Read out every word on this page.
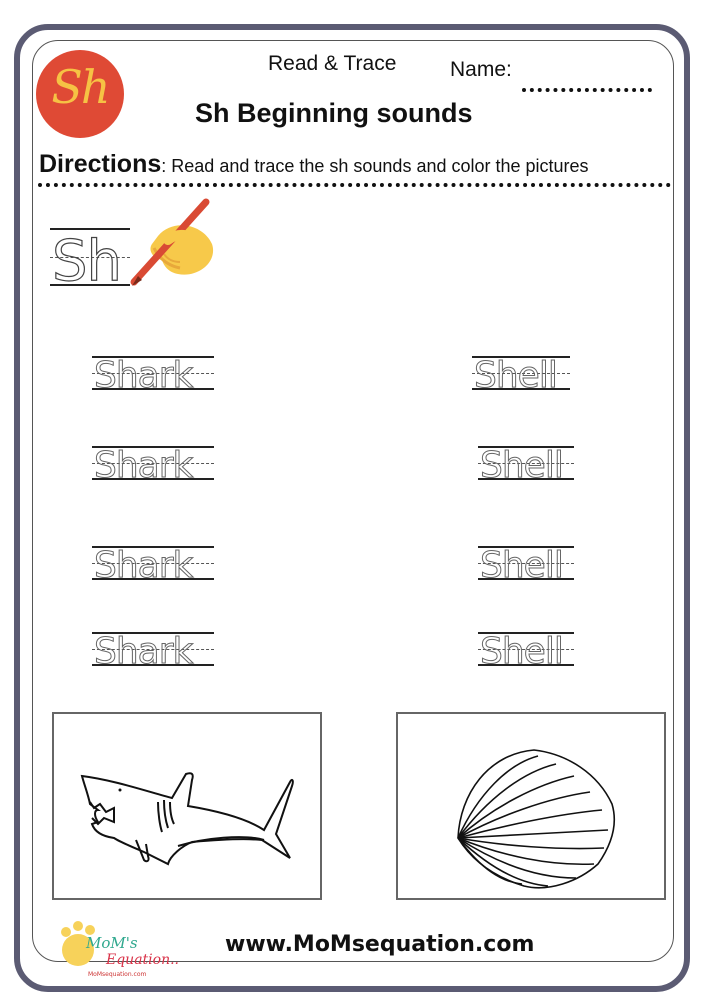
Sh	Read & Trace	Name:
Sh Beginning sounds
Directions: Read and trace the sh sounds and color the pictures
Sh
Shark
Shark
Shark
Shark
Shell
Shell
Shell
Shell
MoM's
Equation..
MoMsequation.com
www.MoMsequation.com
